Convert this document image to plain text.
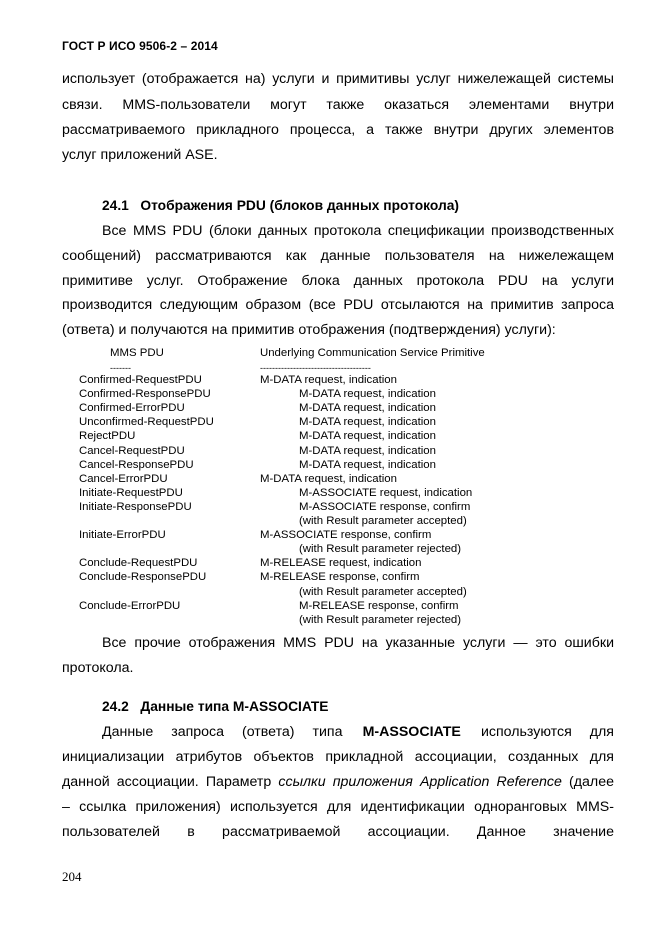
ГОСТ Р ИСО 9506-2 – 2014
использует (отображается на) услуги и примитивы услуг нижележащей системы
связи. MMS-пользователи могут также оказаться элементами внутри
рассматриваемого прикладного процесса, а также внутри других элементов
услуг приложений ASE.
24.1 Отображения PDU (блоков данных протокола)
Все MMS PDU (блоки данных протокола спецификации производственных
сообщений) рассматриваются как данные пользователя на нижележащем
примитиве услуг. Отображение блока данных протокола PDU на услуги
производится следующим образом (все PDU отсылаются на примитив запроса
(ответа) и получаются на примитив отображения (подтверждения) услуги):
MMS PDU	Underlying Communication Service Primitive
-------	-------------------------------------
Confirmed-RequestPDU	M-DATA request, indication
Confirmed-ResponsePDU	M-DATA request, indication
Confirmed-ErrorPDU	M-DATA request, indication
Unconfirmed-RequestPDU	M-DATA request, indication
RejectPDU	M-DATA request, indication
Cancel-RequestPDU	M-DATA request, indication
Cancel-ResponsePDU	M-DATA request, indication
Cancel-ErrorPDU	M-DATA request, indication
Initiate-RequestPDU	M-ASSOCIATE request, indication
Initiate-ResponsePDU	M-ASSOCIATE response, confirm
(with Result parameter accepted)
Initiate-ErrorPDU	M-ASSOCIATE response, confirm
(with Result parameter rejected)
Conclude-RequestPDU	M-RELEASE request, indication
Conclude-ResponsePDU	M-RELEASE response, confirm
(with Result parameter accepted)
Conclude-ErrorPDU	M-RELEASE response, confirm
(with Result parameter rejected)
Все прочие отображения MMS PDU на указанные услуги — это ошибки
протокола.
24.2 Данные типа M-ASSOCIATE
Данные запроса (ответа) типа M-ASSOCIATE используются для
инициализации атрибутов объектов прикладной ассоциации, созданных для
данной ассоциации. Параметр ссылки приложения Application Reference (далее
– ссылка приложения) используется для идентификации одноранговых MMS-
пользователей в рассматриваемой ассоциации. Данное значение
204
